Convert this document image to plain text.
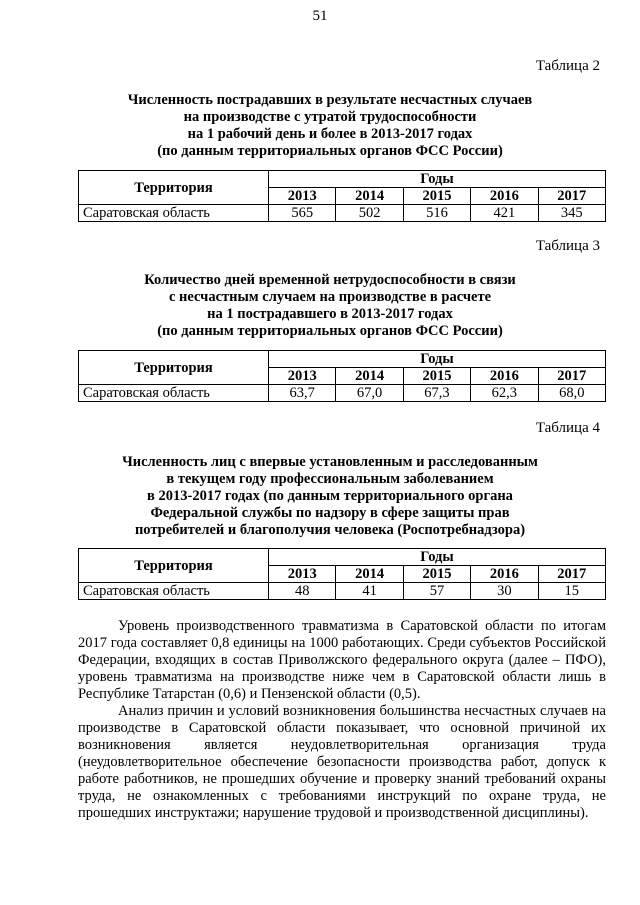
51
Таблица 2
Численность пострадавших в результате несчастных случаев
на производстве с утратой трудоспособности
на 1 рабочий день и более в 2013-2017 годах
(по данным территориальных органов ФСС России)
Территория	Годы				
	2013	2014	2015	2016	2017
Саратовская область	565	502	516	421	345
Таблица 3
Количество дней временной нетрудоспособности в связи
с несчастным случаем на производстве в расчете
на 1 пострадавшего в 2013-2017 годах
(по данным территориальных органов ФСС России)
Территория	Годы				
	2013	2014	2015	2016	2017
Саратовская область	63,7	67,0	67,3	62,3	68,0
Таблица 4
Численность лиц с впервые установленным и расследованным
в текущем году профессиональным заболеванием
в 2013-2017 годах (по данным территориального органа
Федеральной службы по надзору в сфере защиты прав
потребителей и благополучия человека (Роспотребнадзора)
Территория	Годы				
	2013	2014	2015	2016	2017
Саратовская область	48	41	57	30	15

Уровень производственного травматизма в Саратовской области по итогам 2017 года составляет 0,8 единицы на 1000 работающих. Среди субъектов Российской Федерации, входящих в состав Приволжского федерального округа (далее – ПФО), уровень травматизма на производстве ниже чем в Саратовской области лишь в Республике Татарстан (0,6) и Пензенской области (0,5).

Анализ причин и условий возникновения большинства несчастных случаев на производстве в Саратовской области показывает, что основной причиной их возникновения является неудовлетворительная организация труда (неудовлетворительное обеспечение безопасности производства работ, допуск к работе работников, не прошедших обучение и проверку знаний требований охраны труда, не ознакомленных с требованиями инструкций по охране труда, не прошедших инструктажи; нарушение трудовой и производственной дисциплины).
